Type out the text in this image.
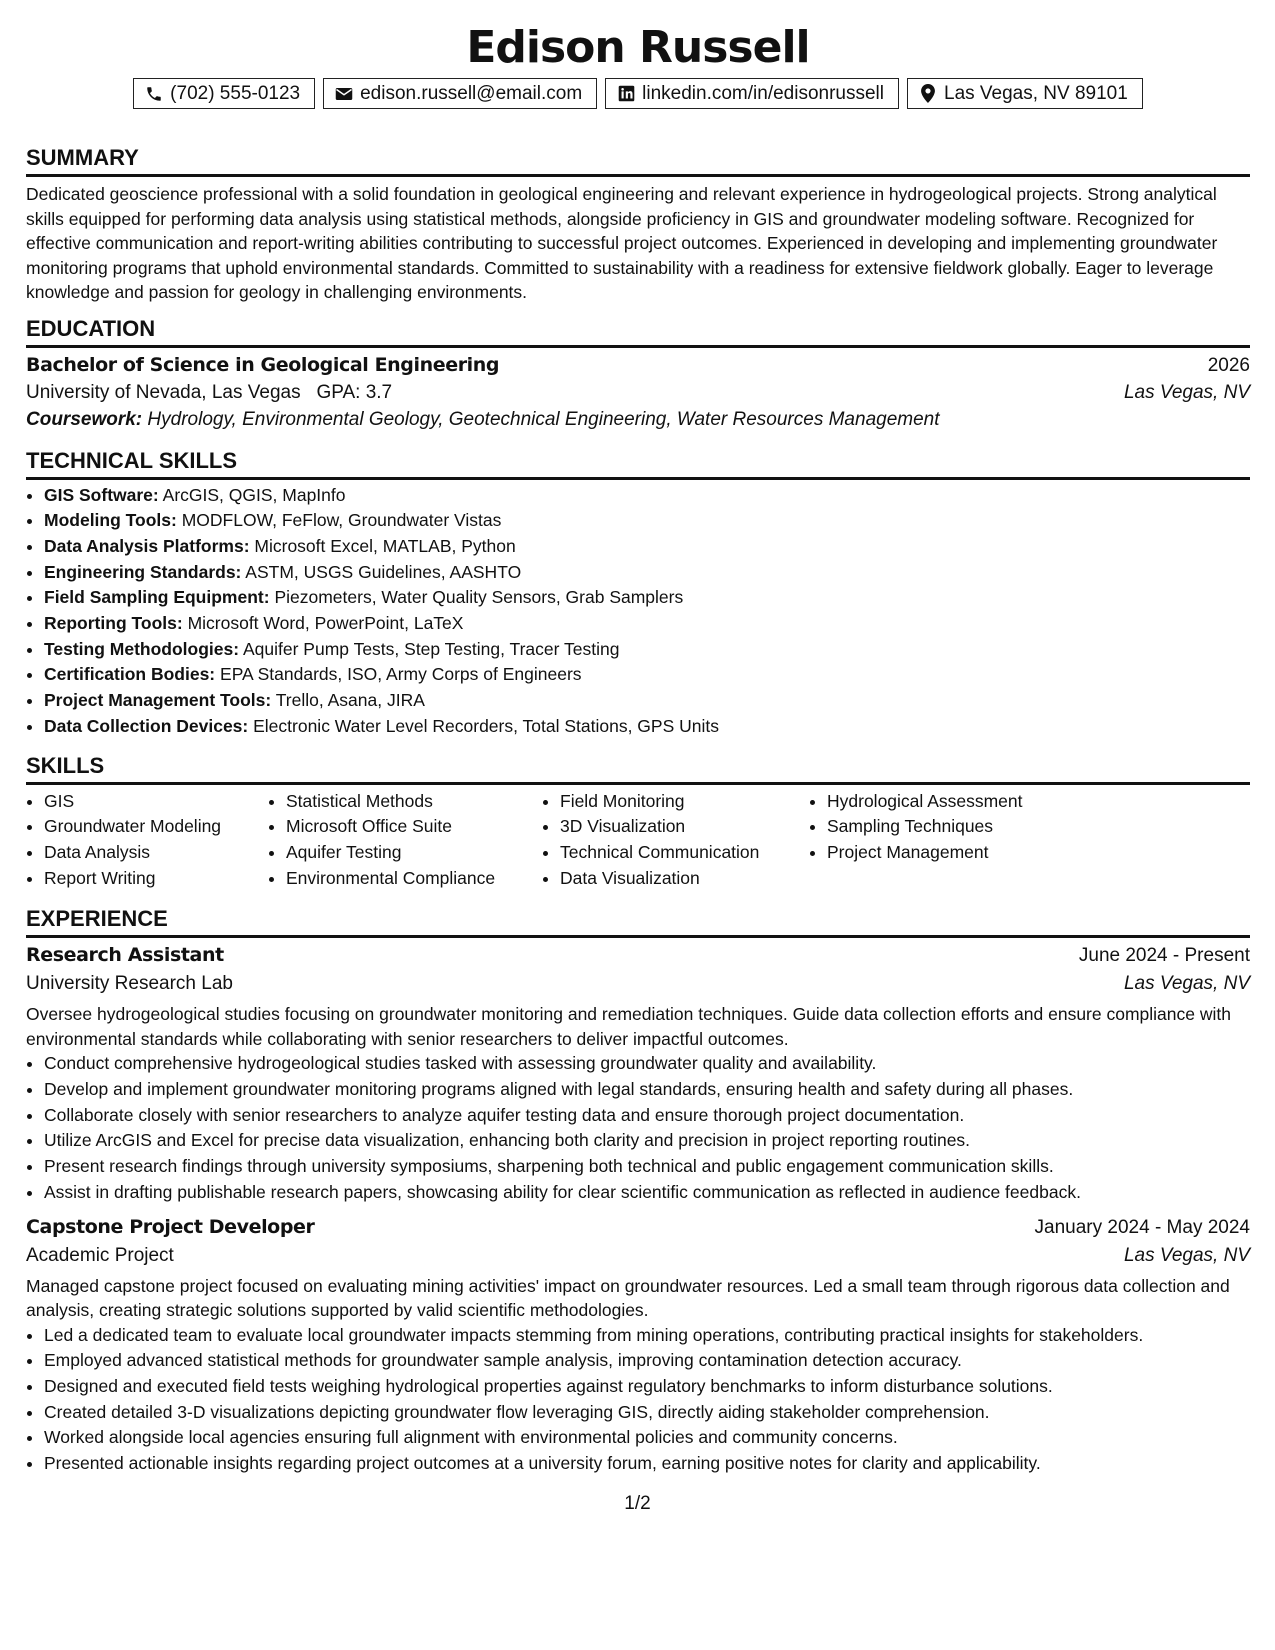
Edison Russell
(702) 555-0123	edison.russell@email.com	linkedin.com/in/edisonrussell	Las Vegas, NV 89101
SUMMARY

Dedicated geoscience professional with a solid foundation in geological engineering and relevant experience in hydrogeological projects. Strong analytical skills equipped for performing data analysis using statistical methods, alongside proficiency in GIS and groundwater modeling software. Recognized for effective communication and report-writing abilities contributing to successful project outcomes. Experienced in developing and implementing groundwater monitoring programs that uphold environmental standards. Committed to sustainability with a readiness for extensive fieldwork globally. Eager to leverage knowledge and passion for geology in challenging environments.

EDUCATION
Bachelor of Science in Geological Engineering	2026
University of Nevada, Las Vegas GPA: 3.7	Las Vegas, NV
Coursework: Hydrology, Environmental Geology, Geotechnical Engineering, Water Resources Management
TECHNICAL SKILLS
• GIS Software: ArcGIS, QGIS, MapInfo
• Modeling Tools: MODFLOW, FeFlow, Groundwater Vistas
• Data Analysis Platforms: Microsoft Excel, MATLAB, Python
• Engineering Standards: ASTM, USGS Guidelines, AASHTO
• Field Sampling Equipment: Piezometers, Water Quality Sensors, Grab Samplers
• Reporting Tools: Microsoft Word, PowerPoint, LaTeX
• Testing Methodologies: Aquifer Pump Tests, Step Testing, Tracer Testing
• Certification Bodies: EPA Standards, ISO, Army Corps of Engineers
• Project Management Tools: Trello, Asana, JIRA
• Data Collection Devices: Electronic Water Level Recorders, Total Stations, GPS Units
SKILLS
• GIS
• Groundwater Modeling
• Data Analysis
• Report Writing
• Statistical Methods
• Microsoft Office Suite
• Aquifer Testing
• Environmental Compliance
• Field Monitoring
• 3D Visualization
• Technical Communication
• Data Visualization
• Hydrological Assessment
• Sampling Techniques
• Project Management
EXPERIENCE
Research Assistant	June 2024 - Present
University Research Lab	Las Vegas, NV

Oversee hydrogeological studies focusing on groundwater monitoring and remediation techniques. Guide data collection efforts and ensure compliance with environmental standards while collaborating with senior researchers to deliver impactful outcomes.

• Conduct comprehensive hydrogeological studies tasked with assessing groundwater quality and availability.
• Develop and implement groundwater monitoring programs aligned with legal standards, ensuring health and safety during all phases.
• Collaborate closely with senior researchers to analyze aquifer testing data and ensure thorough project documentation.
• Utilize ArcGIS and Excel for precise data visualization, enhancing both clarity and precision in project reporting routines.
• Present research findings through university symposiums, sharpening both technical and public engagement communication skills.
• Assist in drafting publishable research papers, showcasing ability for clear scientific communication as reflected in audience feedback.
Capstone Project Developer	January 2024 - May 2024
Academic Project	Las Vegas, NV

Managed capstone project focused on evaluating mining activities' impact on groundwater resources. Led a small team through rigorous data collection and analysis, creating strategic solutions supported by valid scientific methodologies.

• Led a dedicated team to evaluate local groundwater impacts stemming from mining operations, contributing practical insights for stakeholders.
• Employed advanced statistical methods for groundwater sample analysis, improving contamination detection accuracy.
• Designed and executed field tests weighing hydrological properties against regulatory benchmarks to inform disturbance solutions.
• Created detailed 3-D visualizations depicting groundwater flow leveraging GIS, directly aiding stakeholder comprehension.
• Worked alongside local agencies ensuring full alignment with environmental policies and community concerns.
• Presented actionable insights regarding project outcomes at a university forum, earning positive notes for clarity and applicability.
1/2
